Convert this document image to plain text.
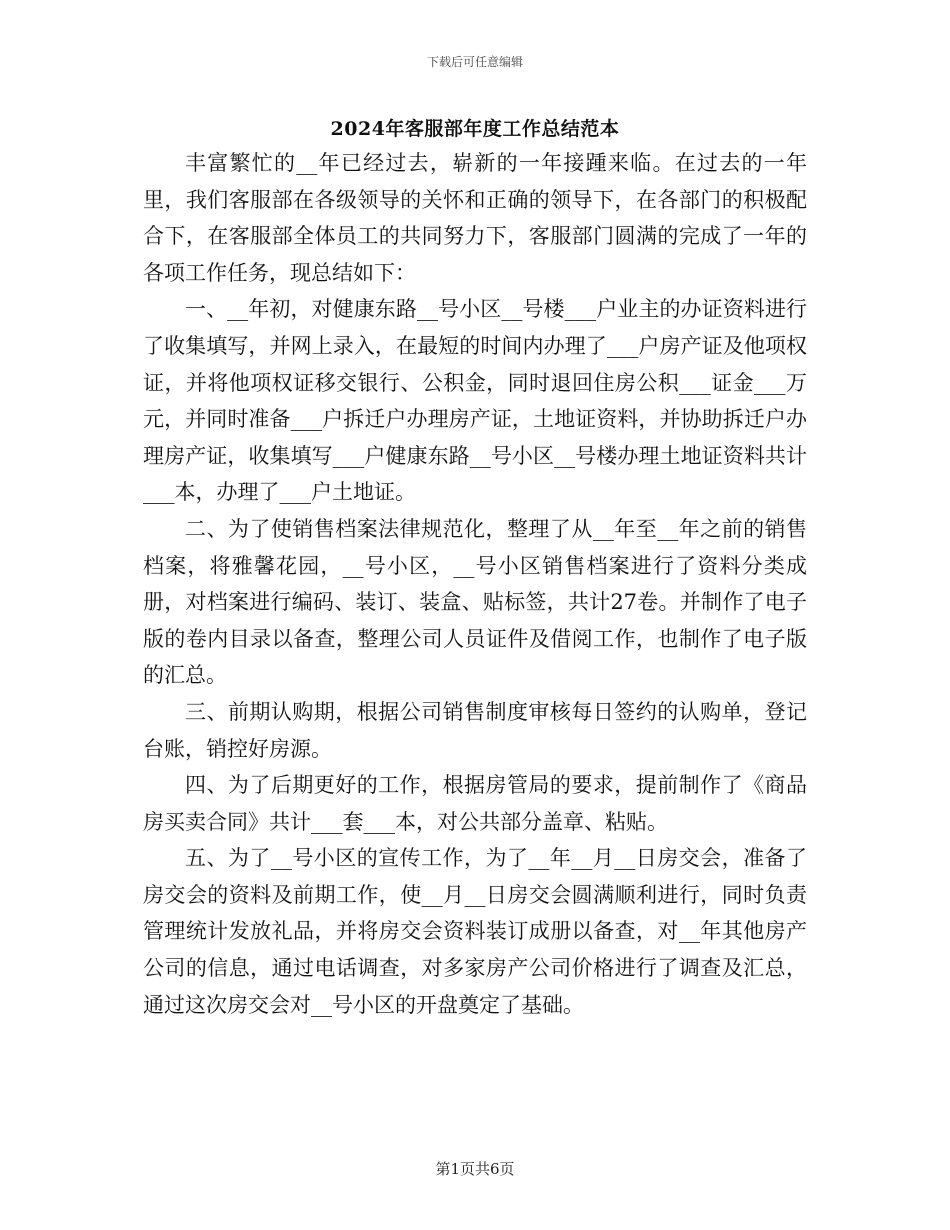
下载后可任意编辑
2024年客服部年度工作总结范本

丰富繁忙的__年已经过去，崭新的一年接踵来临。在过去的一年里，我们客服部在各级领导的关怀和正确的领导下，在各部门的积极配合下，在客服部全体员工的共同努力下，客服部门圆满的完成了一年的各项工作任务，现总结如下：

一、__年初，对健康东路__号小区__号楼___户业主的办证资料进行了收集填写，并网上录入，在最短的时间内办理了___户房产证及他项权证，并将他项权证移交银行、公积金，同时退回住房公积___证金___万元，并同时准备___户拆迁户办理房产证，土地证资料，并协助拆迁户办理房产证，收集填写___户健康东路__号小区__号楼办理土地证资料共计___本，办理了___户土地证。

二、为了使销售档案法律规范化，整理了从__年至__年之前的销售档案，将雅馨花园，__号小区，__号小区销售档案进行了资料分类成册，对档案进行编码、装订、装盒、贴标签，共计27卷。并制作了电子版的卷内目录以备查，整理公司人员证件及借阅工作，也制作了电子版的汇总。

三、前期认购期，根据公司销售制度审核每日签约的认购单，登记台账，销控好房源。

四、为了后期更好的工作，根据房管局的要求，提前制作了《商品房买卖合同》共计___套___本，对公共部分盖章、粘贴。

五、为了__号小区的宣传工作，为了__年__月__日房交会，准备了房交会的资料及前期工作，使__月__日房交会圆满顺利进行，同时负责管理统计发放礼品，并将房交会资料装订成册以备查，对__年其他房产公司的信息，通过电话调查，对多家房产公司价格进行了调查及汇总，通过这次房交会对__号小区的开盘奠定了基础。

第1页共6页
